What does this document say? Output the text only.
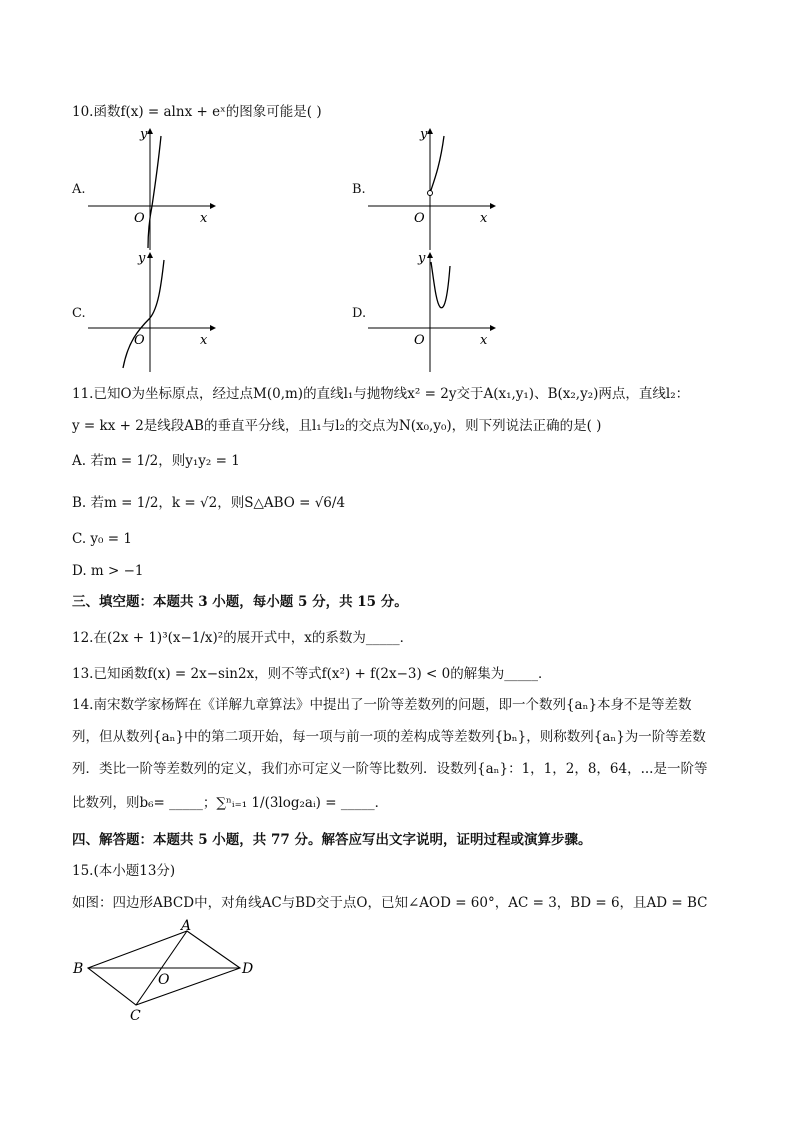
10.函数f(x) = alnx + eˣ的图象可能是( )
A.	B.
C.	D.
y
x
O
y
x
O
y
x
O
y
x
O
11.已知O为坐标原点，经过点M(0,m)的直线l₁与抛物线x² = 2y交于A(x₁,y₁)、B(x₂,y₂)两点，直线l₂：
y = kx + 2是线段AB的垂直平分线，且l₁与l₂的交点为N(x₀,y₀)，则下列说法正确的是( )
A. 若m = 1/2，则y₁y₂ = 1
B. 若m = 1/2，k = √2，则S△ABO = √6/4
C. y₀ = 1
D. m > −1
三、填空题：本题共 3 小题，每小题 5 分，共 15 分。
12.在(2x + 1)³(x−1/x)²的展开式中，x的系数为_____．
13.已知函数f(x) = 2x−sin2x，则不等式f(x²) + f(2x−3) < 0的解集为_____．
14.南宋数学家杨辉在《详解九章算法》中提出了一阶等差数列的问题，即一个数列{aₙ}本身不是等差数
列，但从数列{aₙ}中的第二项开始，每一项与前一项的差构成等差数列{bₙ}，则称数列{aₙ}为一阶等差数
列．类比一阶等差数列的定义，我们亦可定义一阶等比数列．设数列{aₙ}：1，1，2，8，64，...是一阶等
比数列，则b₆= _____；∑ⁿᵢ₌₁ 1/(3log₂aᵢ) = _____．
四、解答题：本题共 5 小题，共 77 分。解答应写出文字说明，证明过程或演算步骤。
15.(本小题13分)
如图：四边形ABCD中，对角线AC与BD交于点O，已知∠AOD = 60°，AC = 3，BD = 6，且AD = BC
A
B
C
D
O
